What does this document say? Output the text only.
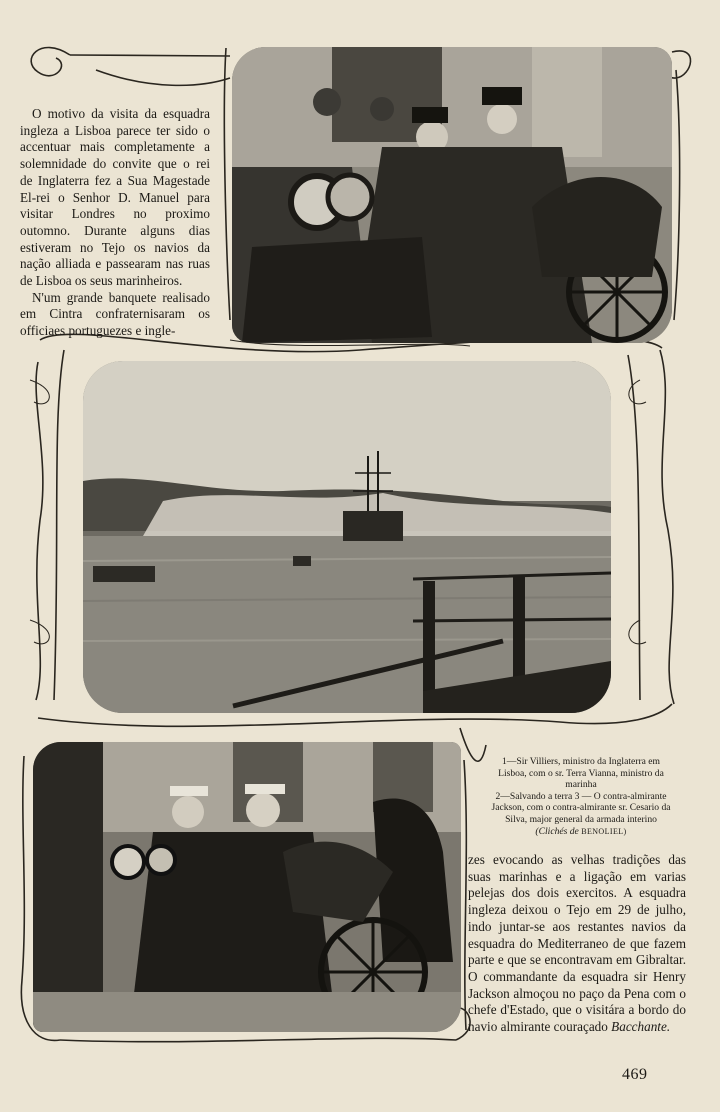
O motivo da visita da esquadra ingleza a Lisboa parece ter sido o accentuar mais completamente a solemnidade do convite que o rei de Inglaterra fez a Sua Magestade El-rei o Senhor D. Manuel para visitar Londres no proximo outomno. Durante alguns dias estiveram no Tejo os navios da nação alliada e passearam nas ruas de Lisboa os seus marinheiros.

N'um grande banquete realisado em Cintra confraternisaram os officiaes portuguezes e ingle-

1—Sir Villiers, ministro da Inglaterra em Lisboa, com o sr. Terra Vianna, ministro da marinha

2—Salvando a terra 3 — O contra-almirante Jackson, com o contra-almirante sr. Cesario da Silva, major general da armada interino

(Clichés de BENOLIEL)

zes evocando as velhas tradições das suas marinhas e a ligação em varias pelejas dos dois exercitos. A esquadra ingleza deixou o Tejo em 29 de julho, indo juntar-se aos restantes navios da esquadra do Mediterraneo de que fazem parte e que se encontravam em Gibraltar. O commandante da esquadra sir Henry Jackson almoçou no paço da Pena com o chefe d'Estado, que o visitára a bordo do navio almirante couraçado Bacchante.

469
